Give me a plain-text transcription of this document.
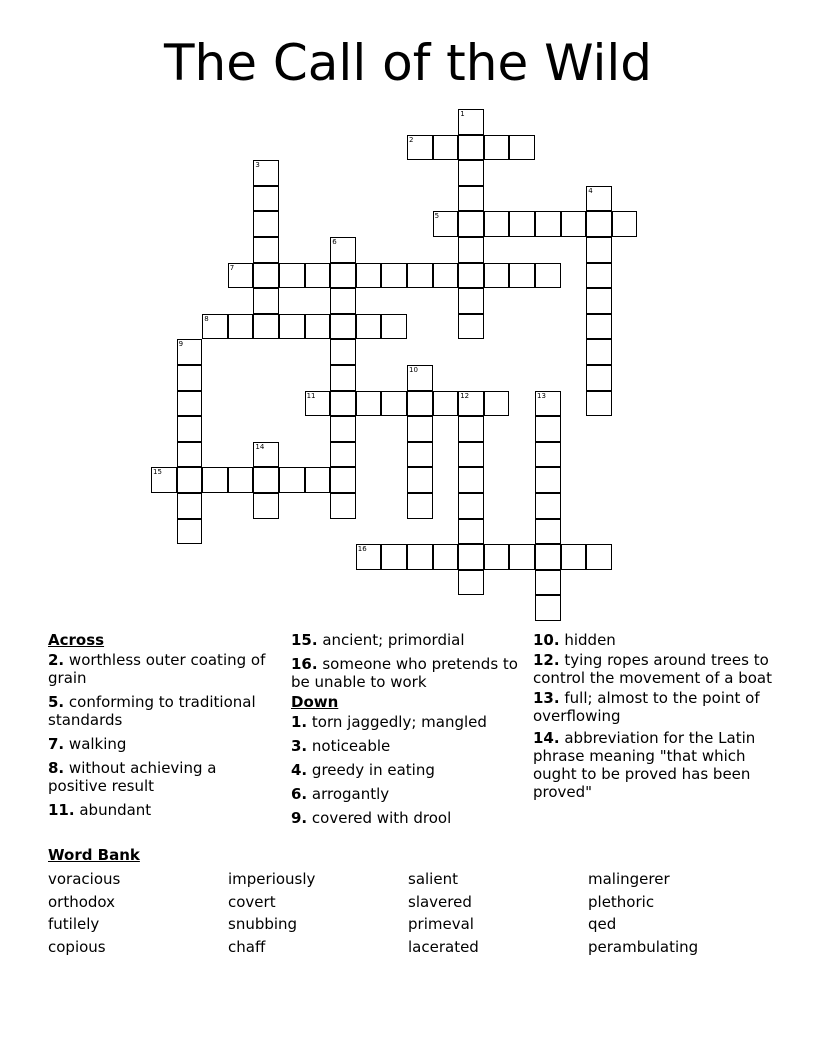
The Call of the Wild
2
5
7
8
11	12
15
16
1
3
4
6
9
10
13
14
Across
2. worthless outer coating of grain
5. conforming to traditional standards
7. walking
8. without achieving a positive result
11. abundant
15. ancient; primordial
16. someone who pretends to be unable to work
Down
1. torn jaggedly; mangled
3. noticeable
4. greedy in eating
6. arrogantly
9. covered with drool
10. hidden
12. tying ropes around trees to control the movement of a boat
13. full; almost to the point of overflowing
14. abbreviation for the Latin phrase meaning "that which ought to be proved has been proved"
Word Bank
voracious
orthodox
futilely
copious
imperiously
covert
snubbing
chaff
salient
slavered
primeval
lacerated
malingerer
plethoric
qed
perambulating
